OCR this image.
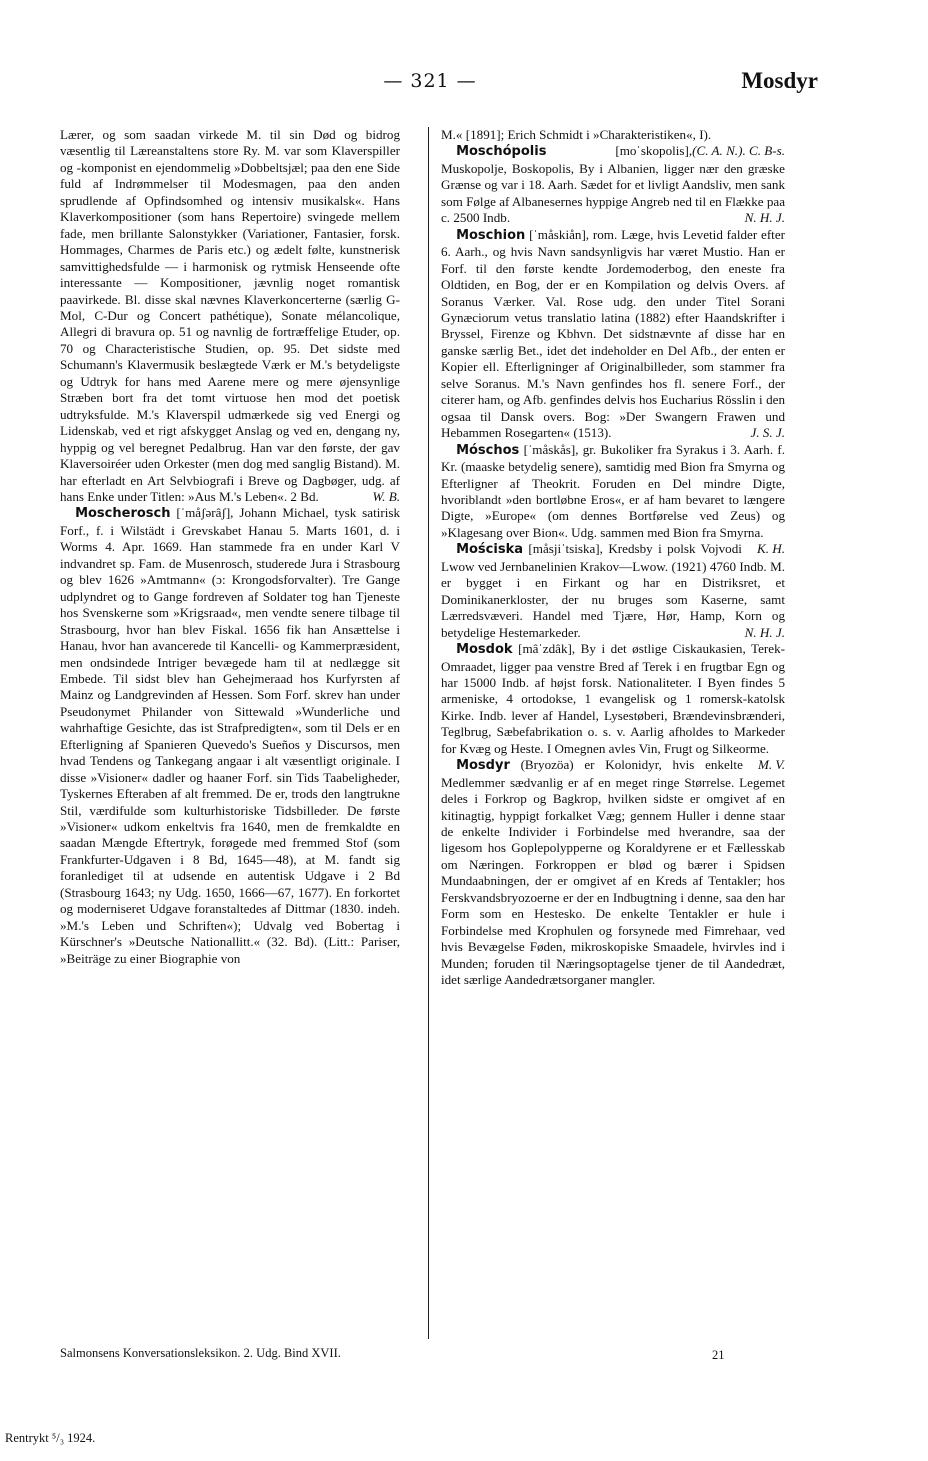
— 321 —	Mosdyr

Lærer, og som saadan virkede M. til sin Død og bidrog væsentlig til Læreanstaltens store Ry. M. var som Klaverspiller og -komponist en ejendommelig »Dobbeltsjæl; paa den ene Side fuld af Indrømmelser til Modesmagen, paa den anden sprudlende af Opfindsomhed og intensiv musikalsk«. Hans Klaverkompositioner (som hans Repertoire) svingede mellem fade, men brillante Salonstykker (Variationer, Fantasier, forsk. Hommages, Charmes de Paris etc.) og ædelt følte, kunstnerisk samvittighedsfulde — i harmonisk og rytmisk Henseende ofte interessante — Kompositioner, jævnlig noget romantisk paavirkede. Bl. disse skal nævnes Klaverkoncerterne (særlig G-Mol, C-Dur og Concert pathétique), Sonate mélancolique, Allegri di bravura op. 51 og navnlig de fortræffelige Etuder, op. 70 og Characteristische Studien, op. 95. Det sidste med Schumann's Klavermusik beslægtede Værk er M.'s betydeligste og Udtryk for hans med Aarene mere og mere øjensynlige Stræben bort fra det tomt virtuose hen mod det poetisk udtryksfulde. M.'s Klaverspil udmærkede sig ved Energi og Lidenskab, ved et rigt afskygget Anslag og ved en, dengang ny, hyppig og vel beregnet Pedalbrug. Han var den første, der gav Klaversoiréer uden Orkester (men dog med sanglig Bistand). M. har efterladt en Art Selvbiografi i Breve og Dagbøger, udg. af hans Enke under Titlen: »Aus M.'s Leben«. 2 Bd.	W. B.

Moscherosch [ˈmåʃərâʃ], Johann Michael, tysk satirisk Forf., f. i Wilstädt i Grevskabet Hanau 5. Marts 1601, d. i Worms 4. Apr. 1669. Han stammede fra en under Karl V indvandret sp. Fam. de Musenrosch, studerede Jura i Strasbourg og blev 1626 »Amtmann« (ɔ: Krongodsforvalter). Tre Gange udplyndret og to Gange fordreven af Soldater tog han Tjeneste hos Svenskerne som »Krigsraad«, men vendte senere tilbage til Strasbourg, hvor han blev Fiskal. 1656 fik han Ansættelse i Hanau, hvor han avancerede til Kancelli- og Kammerpræsident, men ondsindede Intriger bevægede ham til at nedlægge sit Embede. Til sidst blev han Gehejmeraad hos Kurfyrsten af Mainz og Landgrevinden af Hessen. Som Forf. skrev han under Pseudonymet Philander von Sittewald »Wunderliche und wahrhaftige Gesichte, das ist Strafpredigten«, som til Dels er en Efterligning af Spanieren Quevedo's Sueños y Discursos, men hvad Tendens og Tankegang angaar i alt væsentligt originale. I disse »Visioner« dadler og haaner Forf. sin Tids Taabeligheder, Tyskernes Efteraben af alt fremmed. De er, trods den langtrukne Stil, værdifulde som kulturhistoriske Tidsbilleder. De første »Visioner« udkom enkeltvis fra 1640, men de fremkaldte en saadan Mængde Eftertryk, forøgede med fremmed Stof (som Frankfurter-Udgaven i 8 Bd, 1645—48), at M. fandt sig foranlediget til at udsende en autentisk Udgave i 2 Bd (Strasbourg 1643; ny Udg. 1650, 1666—67, 1677). En forkortet og moderniseret Udgave foranstaltedes af Dittmar (1830. indeh. »M.'s Leben und Schriften«); Udvalg ved Bobertag i Kürschner's »Deutsche Nationallitt.« (32. Bd). (Litt.: Pariser, »Beiträge zu einer Biographie von

M.« [1891]; Erich Schmidt i »Charakteristiken«, I).
(C. A. N.). C. B-s.

Moschópolis [moˈskopolis], Muskopolje, Boskopolis, By i Albanien, ligger nær den græske Grænse og var i 18. Aarh. Sædet for et livligt Aandsliv, men sank som Følge af Albanesernes hyppige Angreb ned til en Flække paa c. 2500 Indb.	N. H. J.

Moschion [ˈmåskiån], rom. Læge, hvis Levetid falder efter 6. Aarh., og hvis Navn sandsynligvis har været Mustio. Han er Forf. til den første kendte Jordemoderbog, den eneste fra Oldtiden, en Bog, der er en Kompilation og delvis Overs. af Soranus Værker. Val. Rose udg. den under Titel Sorani Gynæciorum vetus translatio latina (1882) efter Haandskrifter i Bryssel, Firenze og Kbhvn. Det sidstnævnte af disse har en ganske særlig Bet., idet det indeholder en Del Afb., der enten er Kopier ell. Efterligninger af Originalbilleder, som stammer fra selve Soranus. M.'s Navn genfindes hos fl. senere Forf., der citerer ham, og Afb. genfindes delvis hos Eucharius Rösslin i den ogsaa til Dansk overs. Bog: »Der Swangern Frawen und Hebammen Rosegarten« (1513).	J. S. J.

Móschos [ˈmåskås], gr. Bukoliker fra Syrakus i 3. Aarh. f. Kr. (maaske betydelig senere), samtidig med Bion fra Smyrna og Efterligner af Theokrit. Foruden en Del mindre Digte, hvoriblandt »den bortløbne Eros«, er af ham bevaret to længere Digte, »Europe« (om dennes Bortførelse ved Zeus) og »Klagesang over Bion«. Udg. sammen med Bion fra Smyrna.
K. H.

Mościska [måsjiˈtsiska], Kredsby i polsk Vojvodi Lwow ved Jernbanelinien Krakov—Lwow. (1921) 4760 Indb. M. er bygget i en Firkant og har en Distriksret, et Dominikanerkloster, der nu bruges som Kaserne, samt Lærredsvæveri. Handel med Tjære, Hør, Hamp, Korn og betydelige Hestemarkeder.	N. H. J.

Mosdok [mâˈzdâk], By i det østlige Ciskaukasien, Terek-Omraadet, ligger paa venstre Bred af Terek i en frugtbar Egn og har 15000 Indb. af højst forsk. Nationaliteter. I Byen findes 5 armeniske, 4 ortodokse, 1 evangelisk og 1 romersk-katolsk Kirke. Indb. lever af Handel, Lysestøberi, Brændevinsbrænderi, Teglbrug, Sæbefabrikation o. s. v. Aarlig afholdes to Markeder for Kvæg og Heste. I Omegnen avles Vin, Frugt og Silkeorme.
M. V.

Mosdyr (Bryozöa) er Kolonidyr, hvis enkelte Medlemmer sædvanlig er af en meget ringe Størrelse. Legemet deles i Forkrop og Bagkrop, hvilken sidste er omgivet af en kitinagtig, hyppigt forkalket Væg; gennem Huller i denne staar de enkelte Individer i Forbindelse med hverandre, saa der ligesom hos Goplepolypperne og Koraldyrene er et Fællesskab om Næringen. Forkroppen er blød og bærer i Spidsen Mundaabningen, der er omgivet af en Kreds af Tentakler; hos Ferskvandsbryozoerne er der en Indbugtning i denne, saa den har Form som en Hestesko. De enkelte Tentakler er hule i Forbindelse med Krophulen og forsynede med Fimrehaar, ved hvis Bevægelse Føden, mikroskopiske Smaadele, hvirvles ind i Munden; foruden til Næringsoptagelse tjener de til Aandedræt, idet særlige Aandedrætsorganer mangler.

Salmonsens Konversationsleksikon. 2. Udg. Bind XVII.	21
Rentrykt ⁵/₃ 1924.
